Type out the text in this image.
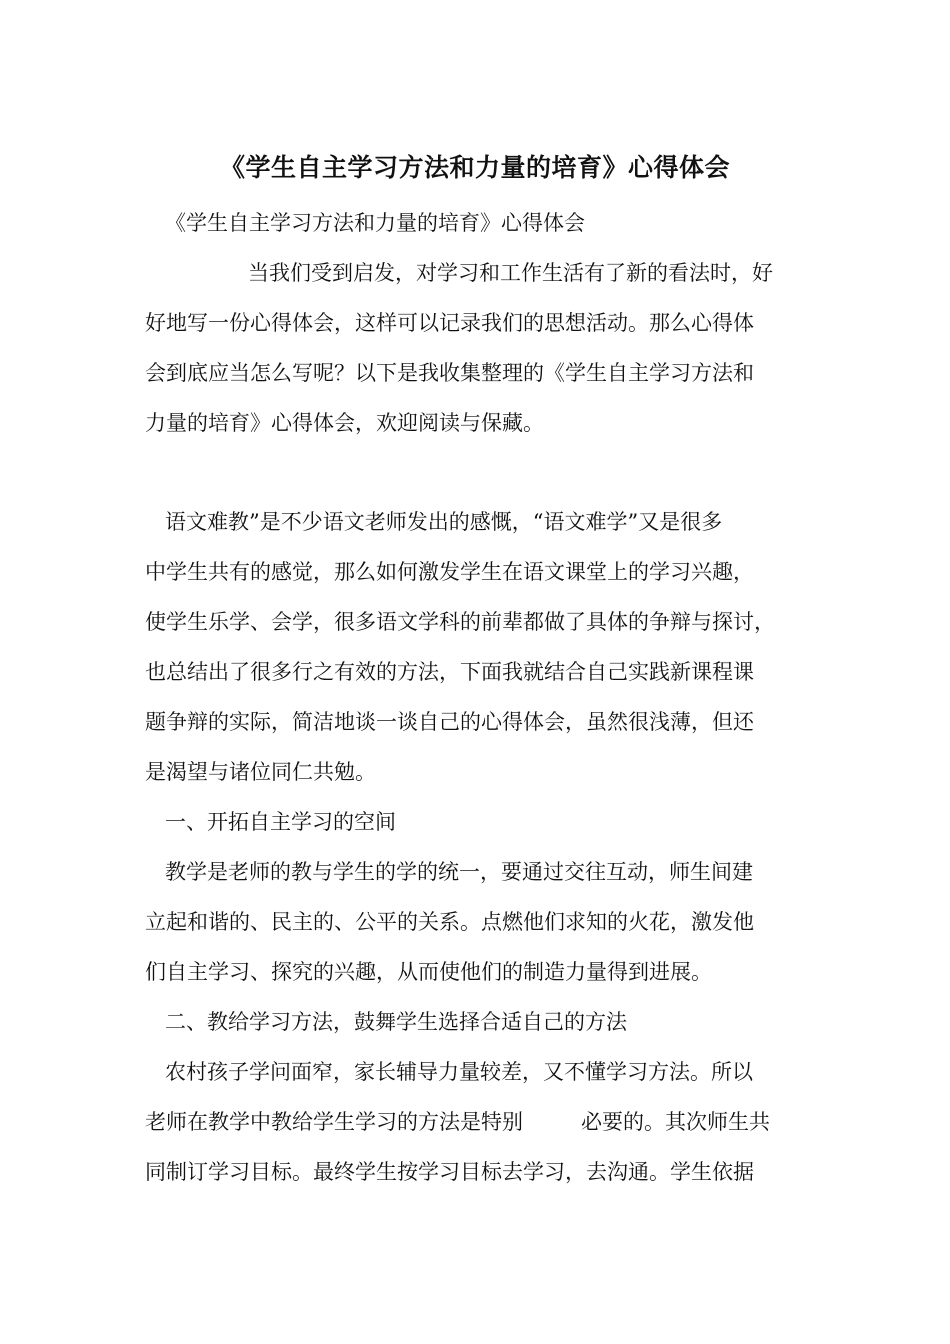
《学生自主学习方法和力量的培育》心得体会
《学生自主学习方法和力量的培育》心得体会
当我们受到启发，对学习和工作生活有了新的看法时，好
好地写一份心得体会，这样可以记录我们的思想活动。那么心得体
会到底应当怎么写呢？以下是我收集整理的《学生自主学习方法和
力量的培育》心得体会，欢迎阅读与保藏。
语文难教”是不少语文老师发出的感慨，“语文难学”又是很多
中学生共有的感觉，那么如何激发学生在语文课堂上的学习兴趣，
使学生乐学、会学，很多语文学科的前辈都做了具体的争辩与探讨，
也总结出了很多行之有效的方法，下面我就结合自己实践新课程课
题争辩的实际，简洁地谈一谈自己的心得体会，虽然很浅薄，但还
是渴望与诸位同仁共勉。
一、开拓自主学习的空间
教学是老师的教与学生的学的统一，要通过交往互动，师生间建
立起和谐的、民主的、公平的关系。点燃他们求知的火花，激发他
们自主学习、探究的兴趣，从而使他们的制造力量得到进展。
二、教给学习方法，鼓舞学生选择合适自己的方法
农村孩子学问面窄，家长辅导力量较差，又不懂学习方法。所以
老师在教学中教给学生学习的方法是特别	必要的。其次师生共
同制订学习目标。最终学生按学习目标去学习，去沟通。学生依据
